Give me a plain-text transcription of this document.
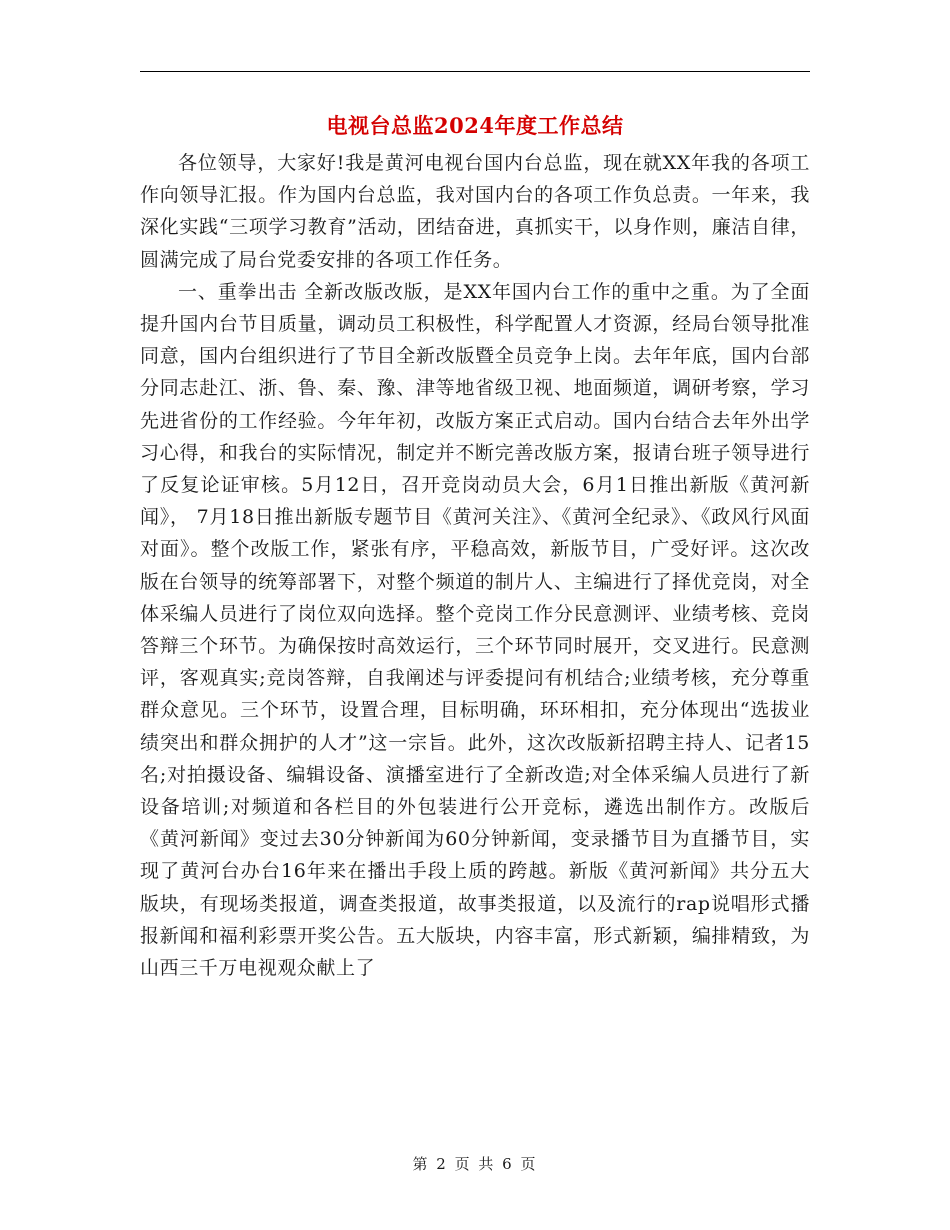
电视台总监2024年度工作总结

各位领导，大家好!我是黄河电视台国内台总监，现在就XX年我的各项工作向领导汇报。作为国内台总监，我对国内台的各项工作负总责。一年来，我深化实践“三项学习教育”活动，团结奋进，真抓实干，以身作则，廉洁自律，圆满完成了局台党委安排的各项工作任务。

一、重拳出击 全新改版改版，是XX年国内台工作的重中之重。为了全面提升国内台节目质量，调动员工积极性，科学配置人才资源，经局台领导批准同意，国内台组织进行了节目全新改版暨全员竞争上岗。去年年底，国内台部分同志赴江、浙、鲁、秦、豫、津等地省级卫视、地面频道，调研考察，学习先进省份的工作经验。今年年初，改版方案正式启动。国内台结合去年外出学习心得，和我台的实际情况，制定并不断完善改版方案，报请台班子领导进行了反复论证审核。5月12日，召开竞岗动员大会，6月1日推出新版《黄河新闻》， 7月18日推出新版专题节目《黄河关注》、《黄河全纪录》、《政风行风面对面》。整个改版工作，紧张有序，平稳高效，新版节目，广受好评。这次改版在台领导的统筹部署下，对整个频道的制片人、主编进行了择优竞岗，对全体采编人员进行了岗位双向选择。整个竞岗工作分民意测评、业绩考核、竞岗答辩三个环节。为确保按时高效运行，三个环节同时展开，交叉进行。民意测评，客观真实;竞岗答辩，自我阐述与评委提问有机结合;业绩考核，充分尊重群众意见。三个环节，设置合理，目标明确，环环相扣，充分体现出“选拔业绩突出和群众拥护的人才”这一宗旨。此外，这次改版新招聘主持人、记者15名;对拍摄设备、编辑设备、演播室进行了全新改造;对全体采编人员进行了新设备培训;对频道和各栏目的外包装进行公开竞标，遴选出制作方。改版后《黄河新闻》变过去30分钟新闻为60分钟新闻，变录播节目为直播节目，实现了黄河台办台16年来在播出手段上质的跨越。新版《黄河新闻》共分五大版块，有现场类报道，调查类报道，故事类报道，以及流行的rap说唱形式播报新闻和福利彩票开奖公告。五大版块，内容丰富，形式新颖，编排精致，为山西三千万电视观众献上了

第 2 页 共 6 页
